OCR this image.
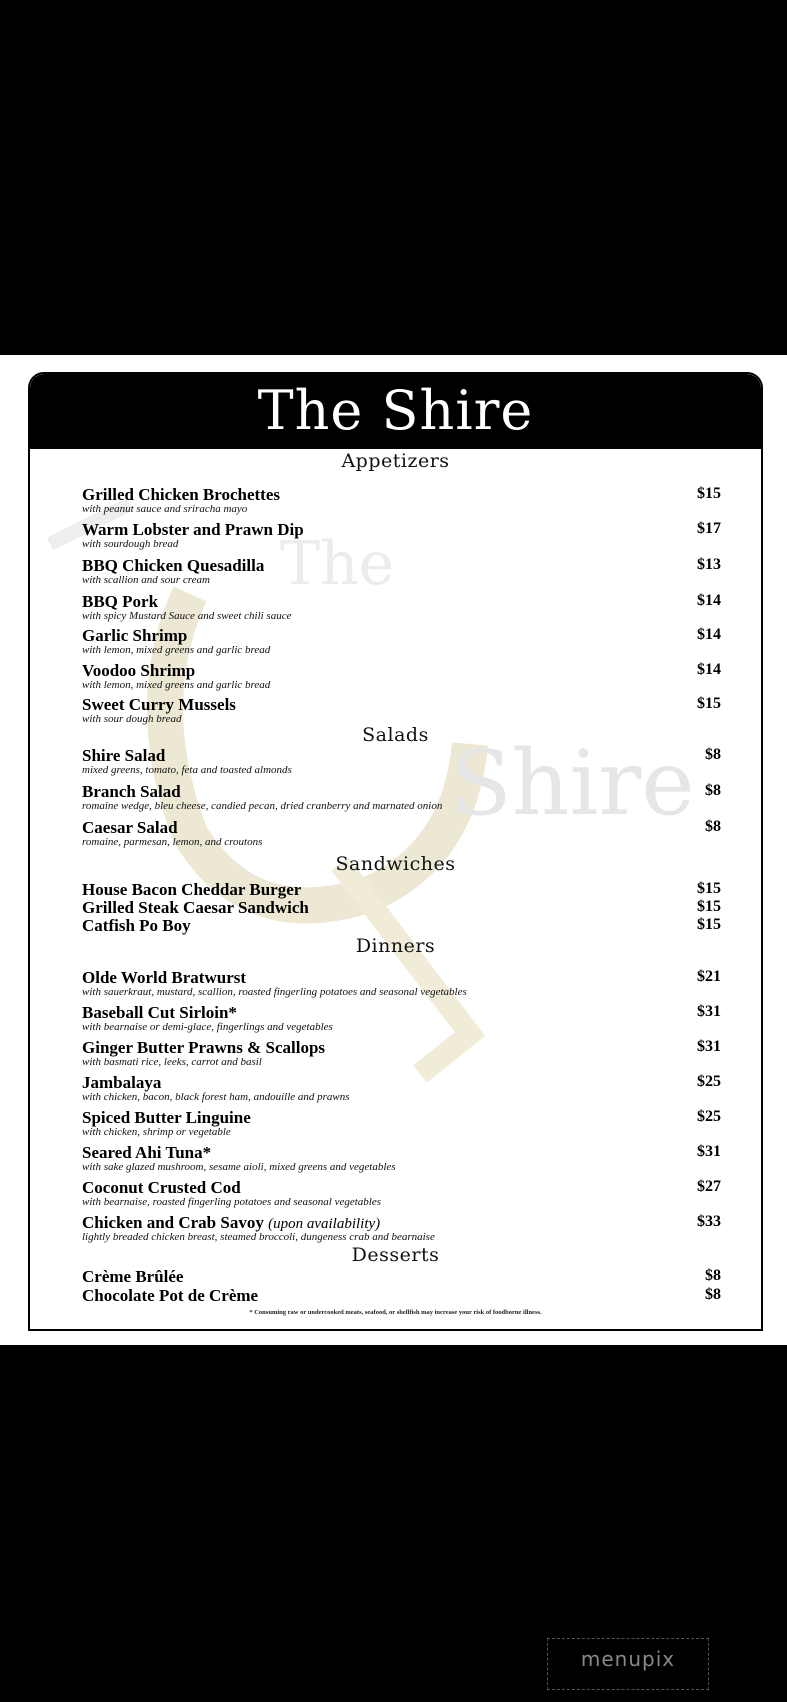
The Shire
The
Shire
Appetizers
Grilled Chicken Brochettes	$15
with peanut sauce and sriracha mayo
Warm Lobster and Prawn Dip	$17
with sourdough bread
BBQ Chicken Quesadilla	$13
with scallion and sour cream
BBQ Pork	$14
with spicy Mustard Sauce and sweet chili sauce
Garlic Shrimp	$14
with lemon, mixed greens and garlic bread
Voodoo Shrimp	$14
with lemon, mixed greens and garlic bread
Sweet Curry Mussels	$15
with sour dough bread
Salads
Shire Salad	$8
mixed greens, tomato, feta and toasted almonds
Branch Salad	$8
romaine wedge, bleu cheese, candied pecan, dried cranberry and marnated onion
Caesar Salad	$8
romaine, parmesan, lemon, and croutons
Sandwiches
House Bacon Cheddar Burger	$15
Grilled Steak Caesar Sandwich	$15
Catfish Po Boy	$15
Dinners
Olde World Bratwurst	$21
with sauerkraut, mustard, scallion, roasted fingerling potatoes and seasonal vegetables
Baseball Cut Sirloin*	$31
with bearnaise or demi-glace, fingerlings and vegetables
Ginger Butter Prawns & Scallops	$31
with basmati rice, leeks, carrot and basil
Jambalaya	$25
with chicken, bacon, black forest ham, andouille and prawns
Spiced Butter Linguine	$25
with chicken, shrimp or vegetable
Seared Ahi Tuna*	$31
with sake glazed mushroom, sesame aioli, mixed greens and vegetables
Coconut Crusted Cod	$27
with bearnaise, roasted fingerling potatoes and seasonal vegetables
Chicken and Crab Savoy (upon availability)	$33
lightly breaded chicken breast, steamed broccoli, dungeness crab and bearnaise
Desserts
Crème Brûlée	$8
Chocolate Pot de Crème	$8
* Consuming raw or undercooked meats, seafood, or shellfish may increase your risk of foodborne illness.
menupix
